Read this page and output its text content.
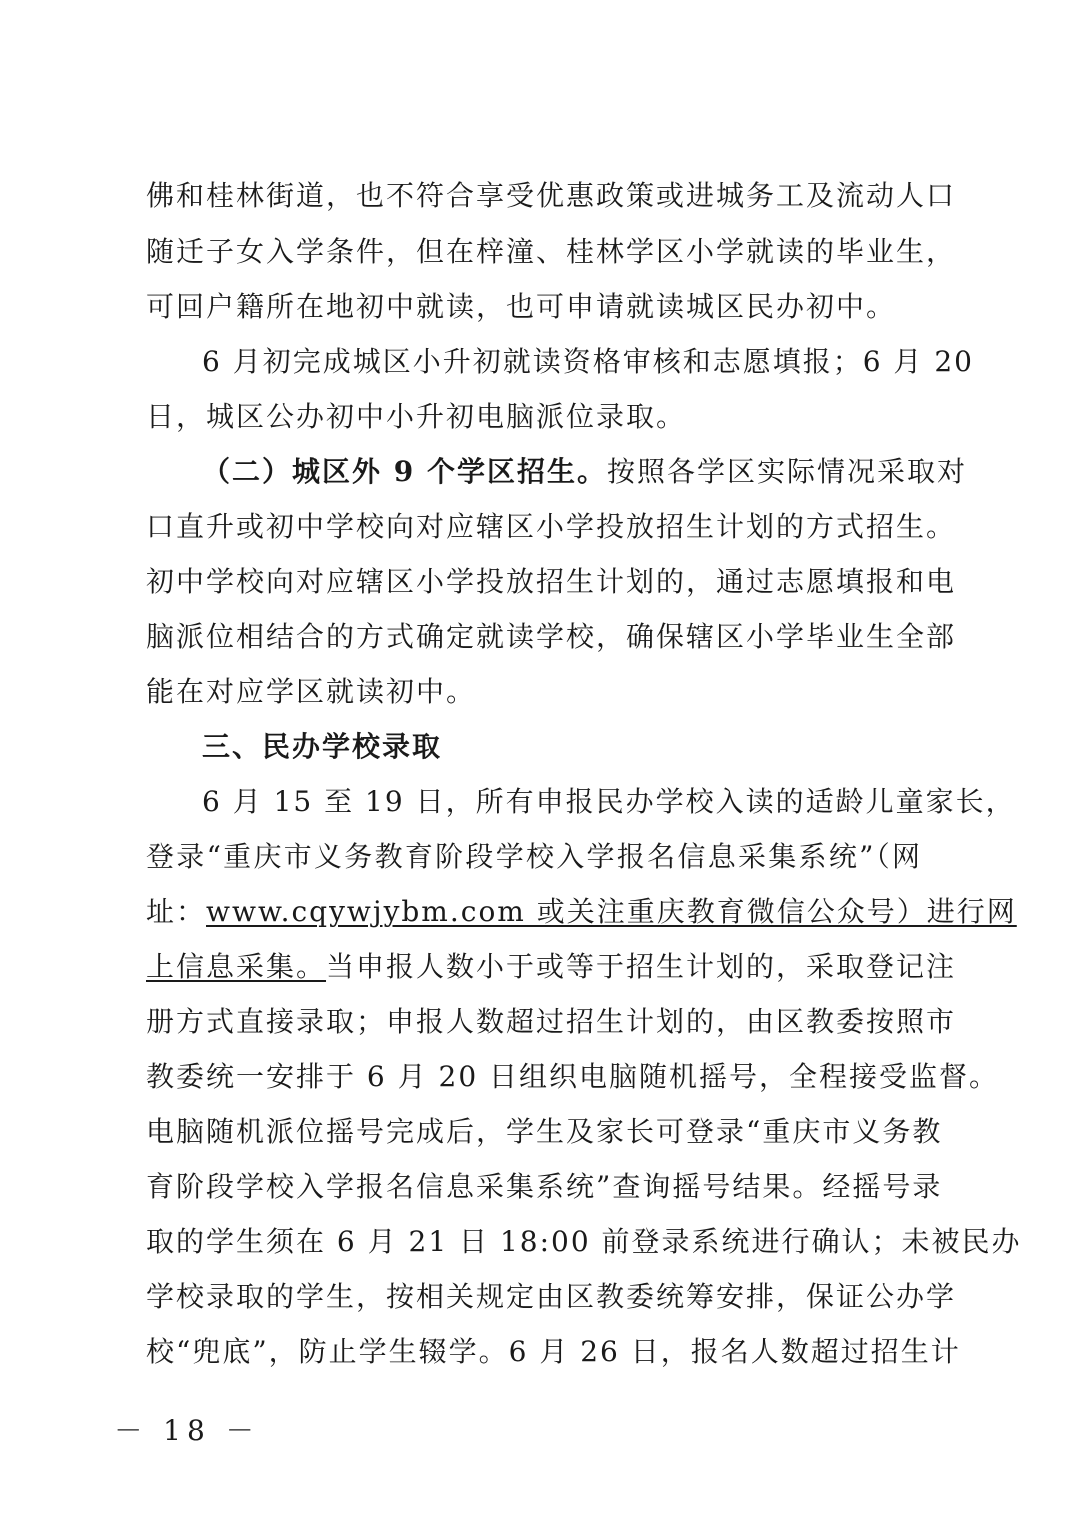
佛和桂林街道，也不符合享受优惠政策或进城务工及流动人口
随迁子女入学条件，但在梓潼、桂林学区小学就读的毕业生，
可回户籍所在地初中就读，也可申请就读城区民办初中。
6 月初完成城区小升初就读资格审核和志愿填报；6 月 20
日，城区公办初中小升初电脑派位录取。
（二）城区外 9 个学区招生。按照各学区实际情况采取对
口直升或初中学校向对应辖区小学投放招生计划的方式招生。
初中学校向对应辖区小学投放招生计划的，通过志愿填报和电
脑派位相结合的方式确定就读学校，确保辖区小学毕业生全部
能在对应学区就读初中。
三、民办学校录取
6 月 15 至 19 日，所有申报民办学校入读的适龄儿童家长，
登录“重庆市义务教育阶段学校入学报名信息采集系统”（网
址：www.cqywjybm.com 或关注重庆教育微信公众号）进行网
上信息采集。当申报人数小于或等于招生计划的，采取登记注
册方式直接录取；申报人数超过招生计划的，由区教委按照市
教委统一安排于 6 月 20 日组织电脑随机摇号，全程接受监督。
电脑随机派位摇号完成后，学生及家长可登录“重庆市义务教
育阶段学校入学报名信息采集系统”查询摇号结果。经摇号录
取的学生须在 6 月 21 日 18:00 前登录系统进行确认；未被民办
学校录取的学生，按相关规定由区教委统筹安排，保证公办学
校“兜底”，防止学生辍学。6 月 26 日，报名人数超过招生计
－ 18 －
